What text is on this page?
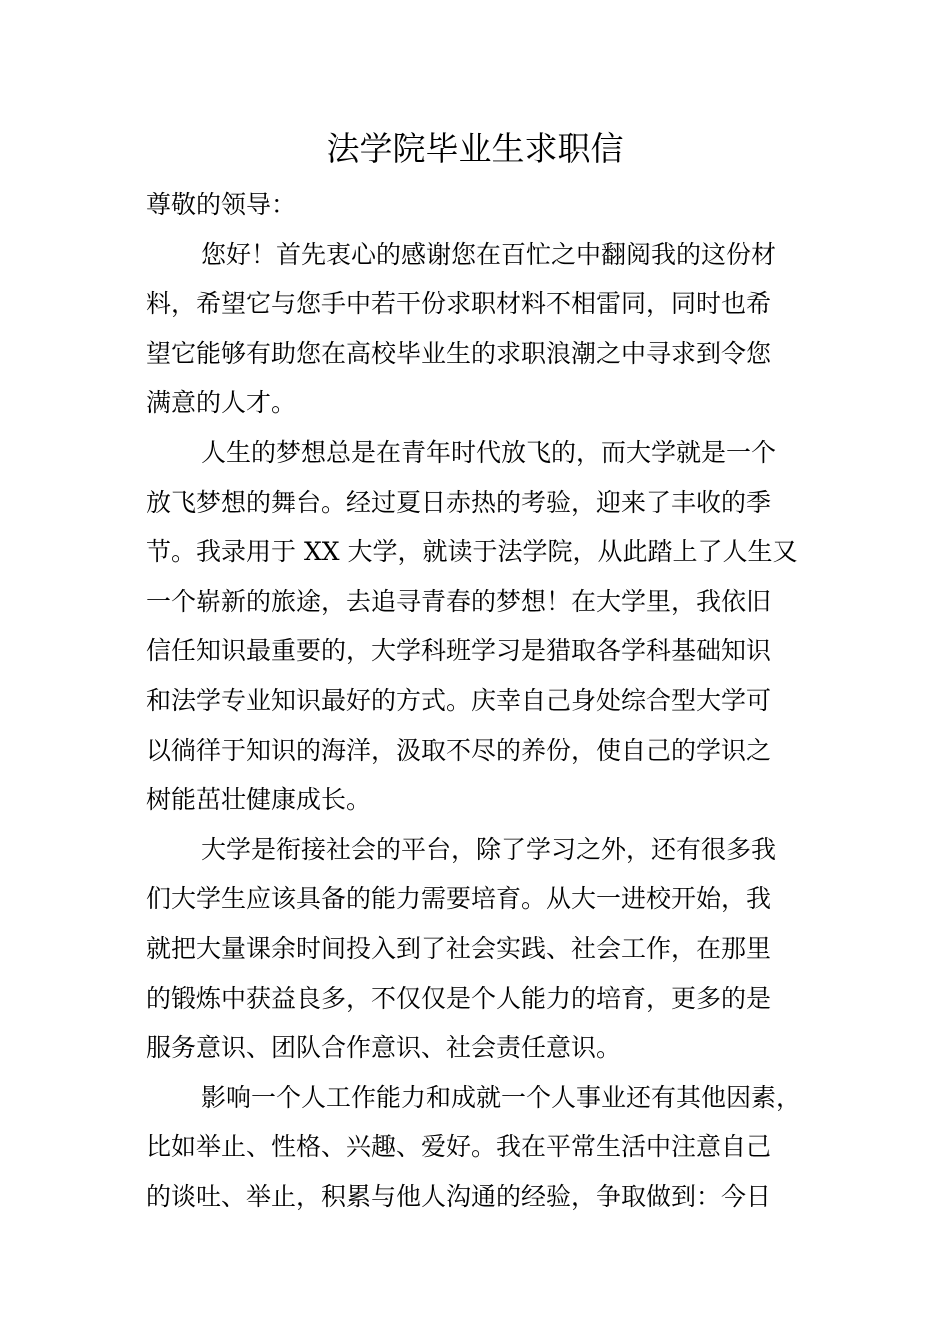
法学院毕业生求职信
尊敬的领导：
您好！首先衷心的感谢您在百忙之中翻阅我的这份材
料，希望它与您手中若干份求职材料不相雷同，同时也希
望它能够有助您在高校毕业生的求职浪潮之中寻求到令您
满意的人才。
人生的梦想总是在青年时代放飞的，而大学就是一个
放飞梦想的舞台。经过夏日赤热的考验，迎来了丰收的季
节。我录用于 XX 大学，就读于法学院，从此踏上了人生又
一个崭新的旅途，去追寻青春的梦想！在大学里，我依旧
信任知识最重要的，大学科班学习是猎取各学科基础知识
和法学专业知识最好的方式。庆幸自己身处综合型大学可
以徜徉于知识的海洋，汲取不尽的养份，使自己的学识之
树能茁壮健康成长。
大学是衔接社会的平台，除了学习之外，还有很多我
们大学生应该具备的能力需要培育。从大一进校开始，我
就把大量课余时间投入到了社会实践、社会工作，在那里
的锻炼中获益良多，不仅仅是个人能力的培育，更多的是
服务意识、团队合作意识、社会责任意识。
影响一个人工作能力和成就一个人事业还有其他因素，
比如举止、性格、兴趣、爱好。我在平常生活中注意自己
的谈吐、举止，积累与他人沟通的经验，争取做到：今日
